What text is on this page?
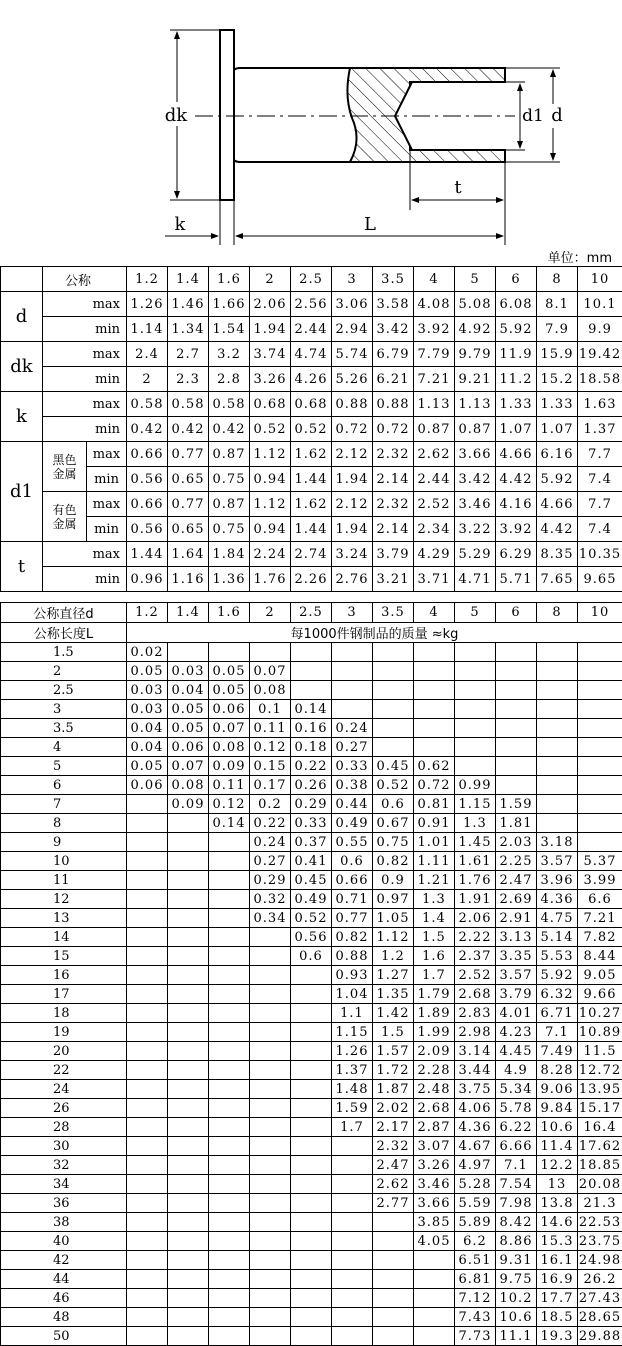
dk
k	L
t
d1 d
单位：mm
	公称		1.2	1.4	1.6	2	2.5	3	3.5	4	5	6	8	10
d	max		1.26	1.46	1.66	2.06	2.56	3.06	3.58	4.08	5.08	6.08	8.1	10.1
	min		1.14	1.34	1.54	1.94	2.44	2.94	3.42	3.92	4.92	5.92	7.9	9.9
dk	max		2.4	2.7	3.2	3.74	4.74	5.74	6.79	7.79	9.79	11.9	15.9	19.42
	min		2	2.3	2.8	3.26	4.26	5.26	6.21	7.21	9.21	11.2	15.2	18.58
k	max		0.58	0.58	0.58	0.68	0.68	0.88	0.88	1.13	1.13	1.33	1.33	1.63
	min		0.42	0.42	0.42	0.52	0.52	0.72	0.72	0.87	0.87	1.07	1.07	1.37
d1	黑色金属	max	0.66	0.77	0.87	1.12	1.62	2.12	2.32	2.62	3.66	4.66	6.16	7.7
		min	0.56	0.65	0.75	0.94	1.44	1.94	2.14	2.44	3.42	4.42	5.92	7.4
	有色金属	max	0.66	0.77	0.87	1.12	1.62	2.12	2.32	2.52	3.46	4.16	4.66	7.7
		min	0.56	0.65	0.75	0.94	1.44	1.94	2.14	2.34	3.22	3.92	4.42	7.4
t	max		1.44	1.64	1.84	2.24	2.74	3.24	3.79	4.29	5.29	6.29	8.35	10.35
	min		0.96	1.16	1.36	1.76	2.26	2.76	3.21	3.71	4.71	5.71	7.65	9.65
公称直径d	1.2	1.4	1.6	2	2.5	3	3.5	4	5	6	8	10
公称长度L	每1000件钢制品的质量 ≈kg											
1.5	0.02											
2	0.05	0.03	0.05	0.07								
2.5	0.03	0.04	0.05	0.08								
3	0.03	0.05	0.06	0.1	0.14							
3.5	0.04	0.05	0.07	0.11	0.16	0.24						
4	0.04	0.06	0.08	0.12	0.18	0.27						
5	0.05	0.07	0.09	0.15	0.22	0.33	0.45	0.62				
6	0.06	0.08	0.11	0.17	0.26	0.38	0.52	0.72	0.99			
7		0.09	0.12	0.2	0.29	0.44	0.6	0.81	1.15	1.59		
8			0.14	0.22	0.33	0.49	0.67	0.91	1.3	1.81		
9				0.24	0.37	0.55	0.75	1.01	1.45	2.03	3.18	
10				0.27	0.41	0.6	0.82	1.11	1.61	2.25	3.57	5.37
11				0.29	0.45	0.66	0.9	1.21	1.76	2.47	3.96	3.99
12				0.32	0.49	0.71	0.97	1.3	1.91	2.69	4.36	6.6
13				0.34	0.52	0.77	1.05	1.4	2.06	2.91	4.75	7.21
14					0.56	0.82	1.12	1.5	2.22	3.13	5.14	7.82
15					0.6	0.88	1.2	1.6	2.37	3.35	5.53	8.44
16						0.93	1.27	1.7	2.52	3.57	5.92	9.05
17						1.04	1.35	1.79	2.68	3.79	6.32	9.66
18						1.1	1.42	1.89	2.83	4.01	6.71	10.27
19						1.15	1.5	1.99	2.98	4.23	7.1	10.89
20						1.26	1.57	2.09	3.14	4.45	7.49	11.5
22						1.37	1.72	2.28	3.44	4.9	8.28	12.72
24						1.48	1.87	2.48	3.75	5.34	9.06	13.95
26						1.59	2.02	2.68	4.06	5.78	9.84	15.17
28						1.7	2.17	2.87	4.36	6.22	10.6	16.4
30							2.32	3.07	4.67	6.66	11.4	17.62
32							2.47	3.26	4.97	7.1	12.2	18.85
34							2.62	3.46	5.28	7.54	13	20.08
36							2.77	3.66	5.59	7.98	13.8	21.3
38								3.85	5.89	8.42	14.6	22.53
40								4.05	6.2	8.86	15.3	23.75
42									6.51	9.31	16.1	24.98
44									6.81	9.75	16.9	26.2
46									7.12	10.2	17.7	27.43
48									7.43	10.6	18.5	28.65
50									7.73	11.1	19.3	29.88
